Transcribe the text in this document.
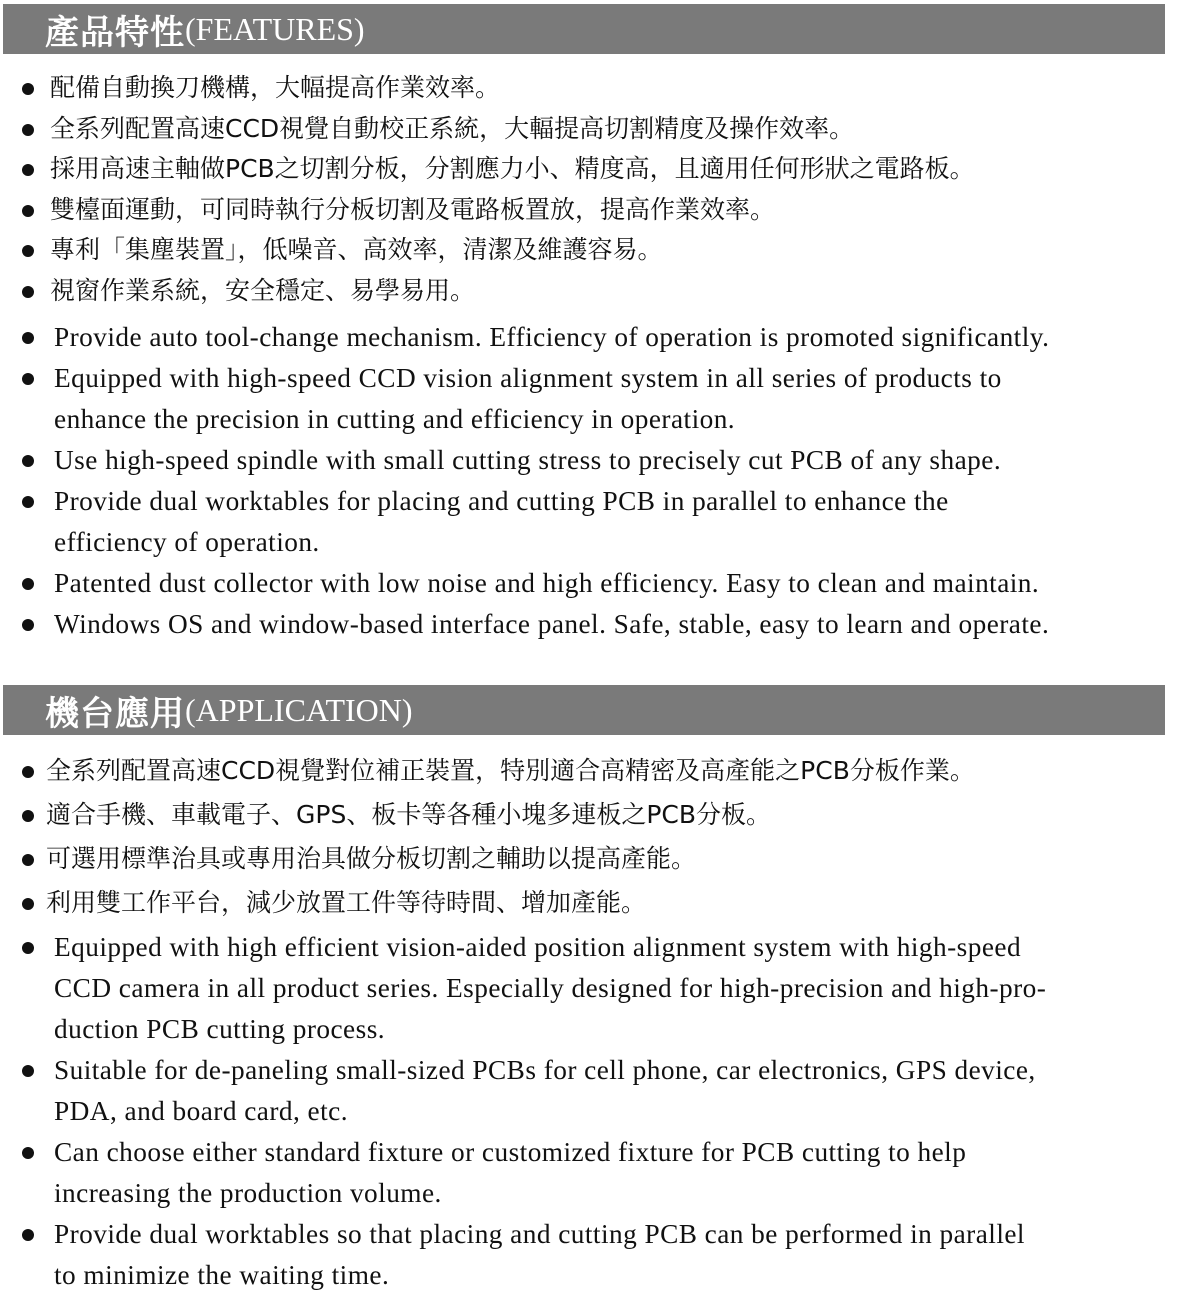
產品特性 (FEATURES)
配備自動換刀機構，大幅提高作業效率。
全系列配置高速CCD視覺自動校正系統，大輻提高切割精度及操作效率。
採用高速主軸做PCB之切割分板，分割應力小、精度高，且適用任何形狀之電路板。
雙檯面運動，可同時執行分板切割及電路板置放，提高作業效率。
專利「集塵裝置」，低噪音、高效率，清潔及維護容易。
視窗作業系統，安全穩定、易學易用。
Provide auto tool-change mechanism. Efficiency of operation is promoted significantly.
Equipped with high-speed CCD vision alignment system in all series of products to
enhance the precision in cutting and efficiency in operation.
Use high-speed spindle with small cutting stress to precisely cut PCB of any shape.
Provide dual worktables for placing and cutting PCB in parallel to enhance the
efficiency of operation.
Patented dust collector with low noise and high efficiency. Easy to clean and maintain.
Windows OS and window-based interface panel. Safe, stable, easy to learn and operate.
機台應用 (APPLICATION)
全系列配置高速CCD視覺對位補正裝置，特別適合高精密及高產能之PCB分板作業。
適合手機、車載電子、GPS、板卡等各種小塊多連板之PCB分板。
可選用標準治具或專用治具做分板切割之輔助以提高產能。
利用雙工作平台，減少放置工件等待時間、增加產能。
Equipped with high efficient vision-aided position alignment system with high-speed
CCD camera in all product series. Especially designed for high-precision and high-pro-
duction PCB cutting process.
Suitable for de-paneling small-sized PCBs for cell phone, car electronics, GPS device,
PDA, and board card, etc.
Can choose either standard fixture or customized fixture for PCB cutting to help
increasing the production volume.
Provide dual worktables so that placing and cutting PCB can be performed in parallel
to minimize the waiting time.
